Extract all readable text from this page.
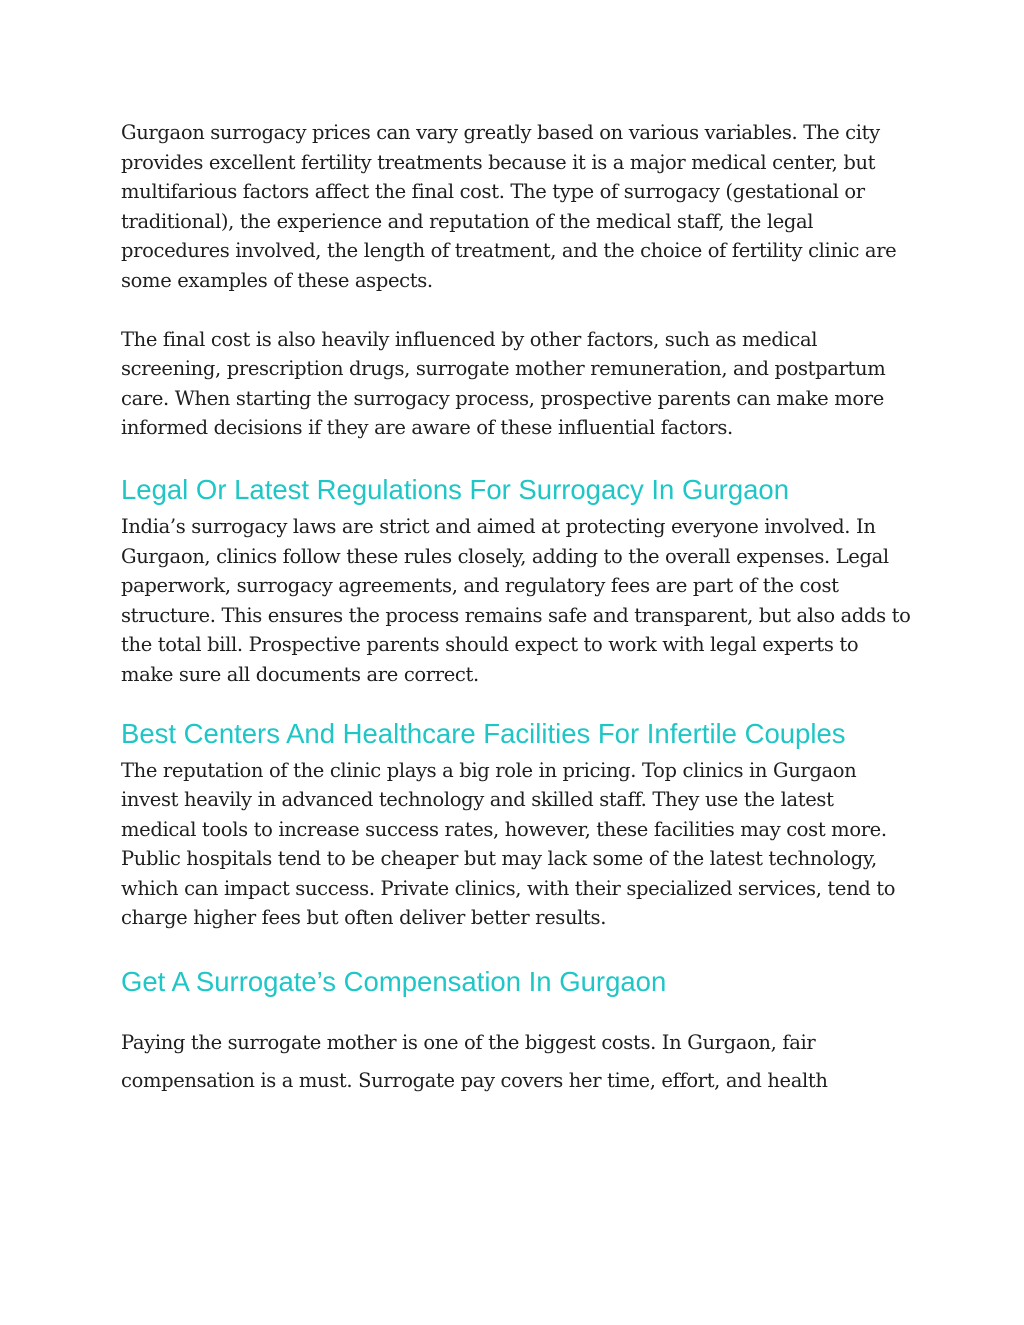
Gurgaon surrogacy prices can vary greatly based on various variables. The city provides excellent fertility treatments because it is a major medical center, but multifarious factors affect the final cost. The type of surrogacy (gestational or traditional), the experience and reputation of the medical staff, the legal procedures involved, the length of treatment, and the choice of fertility clinic are some examples of these aspects.

The final cost is also heavily influenced by other factors, such as medical screening, prescription drugs, surrogate mother remuneration, and postpartum care. When starting the surrogacy process, prospective parents can make more informed decisions if they are aware of these influential factors.

Legal Or Latest Regulations For Surrogacy In Gurgaon

India’s surrogacy laws are strict and aimed at protecting everyone involved. In Gurgaon, clinics follow these rules closely, adding to the overall expenses. Legal paperwork, surrogacy agreements, and regulatory fees are part of the cost structure. This ensures the process remains safe and transparent, but also adds to the total bill. Prospective parents should expect to work with legal experts to make sure all documents are correct.

Best Centers And Healthcare Facilities For Infertile Couples

The reputation of the clinic plays a big role in pricing. Top clinics in Gurgaon invest heavily in advanced technology and skilled staff. They use the latest medical tools to increase success rates, however, these facilities may cost more. Public hospitals tend to be cheaper but may lack some of the latest technology, which can impact success. Private clinics, with their specialized services, tend to charge higher fees but often deliver better results.

Get A Surrogate’s Compensation In Gurgaon

Paying the surrogate mother is one of the biggest costs. In Gurgaon, fair compensation is a must. Surrogate pay covers her time, effort, and health
